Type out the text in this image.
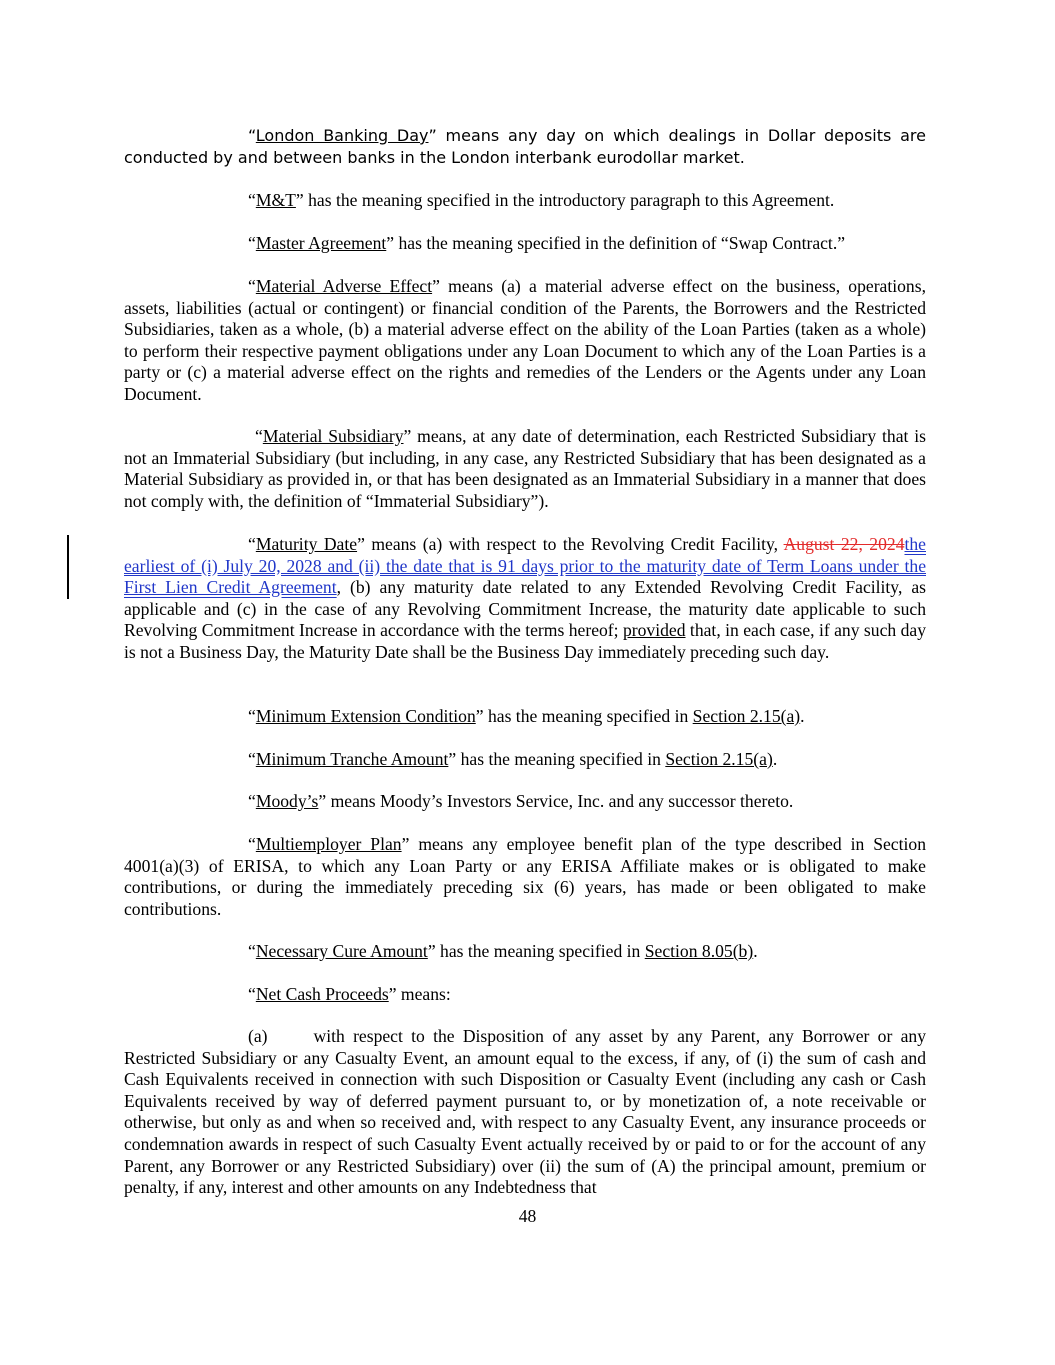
“London Banking Day” means any day on which dealings in Dollar deposits are conducted by and between banks in the London interbank eurodollar market.

“M&T” has the meaning specified in the introductory paragraph to this Agreement.

“Master Agreement” has the meaning specified in the definition of “Swap Contract.”

“Material Adverse Effect” means (a) a material adverse effect on the business, operations, assets, liabilities (actual or contingent) or financial condition of the Parents, the Borrowers and the Restricted Subsidiaries, taken as a whole, (b) a material adverse effect on the ability of the Loan Parties (taken as a whole) to perform their respective payment obligations under any Loan Document to which any of the Loan Parties is a party or (c) a material adverse effect on the rights and remedies of the Lenders or the Agents under any Loan Document.

“Material Subsidiary” means, at any date of determination, each Restricted Subsidiary that is not an Immaterial Subsidiary (but including, in any case, any Restricted Subsidiary that has been designated as a Material Subsidiary as provided in, or that has been designated as an Immaterial Subsidiary in a manner that does not comply with, the definition of “Immaterial Subsidiary”).

“Maturity Date” means (a) with respect to the Revolving Credit Facility, August 22, 2024the earliest of (i) July 20, 2028 and (ii) the date that is 91 days prior to the maturity date of Term Loans under the First Lien Credit Agreement, (b) any maturity date related to any Extended Revolving Credit Facility, as applicable and (c) in the case of any Revolving Commitment Increase, the maturity date applicable to such Revolving Commitment Increase in accordance with the terms hereof; provided that, in each case, if any such day is not a Business Day, the Maturity Date shall be the Business Day immediately preceding such day.

“Minimum Extension Condition” has the meaning specified in Section 2.15(a).

“Minimum Tranche Amount” has the meaning specified in Section 2.15(a).

“Moody’s” means Moody’s Investors Service, Inc. and any successor thereto.

“Multiemployer Plan” means any employee benefit plan of the type described in Section 4001(a)(3) of ERISA, to which any Loan Party or any ERISA Affiliate makes or is obligated to make contributions, or during the immediately preceding six (6) years, has made or been obligated to make contributions.

“Necessary Cure Amount” has the meaning specified in Section 8.05(b).

“Net Cash Proceeds” means:

(a)	with respect to the Disposition of any asset by any Parent, any Borrower or any Restricted Subsidiary or any Casualty Event, an amount equal to the excess, if any, of (i) the sum of cash and Cash Equivalents received in connection with such Disposition or Casualty Event (including any cash or Cash Equivalents received by way of deferred payment pursuant to, or by monetization of, a note receivable or otherwise, but only as and when so received and, with respect to any Casualty Event, any insurance proceeds or condemnation awards in respect of such Casualty Event actually received by or paid to or for the account of any Parent, any Borrower or any Restricted Subsidiary) over (ii) the sum of (A) the principal amount, premium or penalty, if any, interest and other amounts on any Indebtedness that

48
